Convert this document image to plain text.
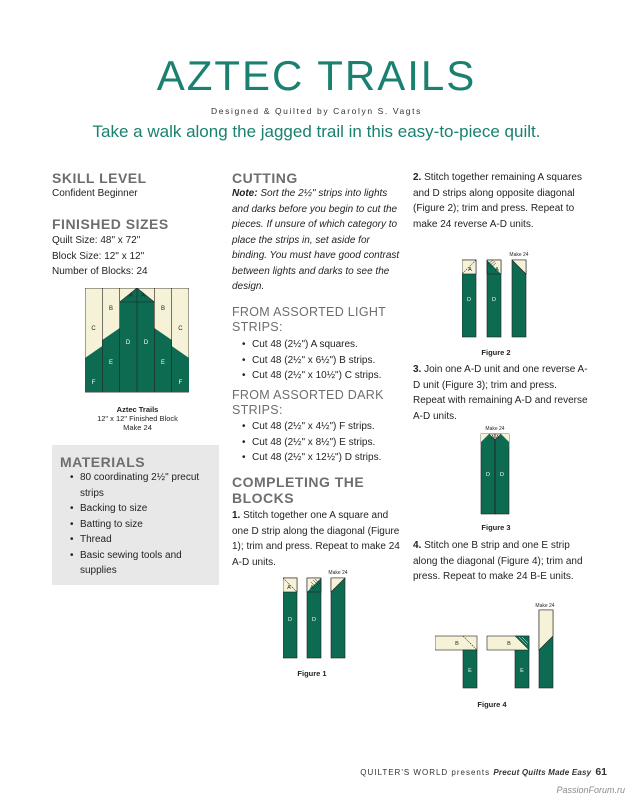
AZTEC TRAILS
Designed & Quilted by Carolyn S. Vagts
Take a walk along the jagged trail in this easy-to-piece quilt.
SKILL LEVEL
Confident Beginner
FINISHED SIZES
Quilt Size: 48" x 72"
Block Size: 12" x 12"
Number of Blocks: 24
C
B
A A
B
C
D D
E	E
F	F
Aztec Trails
12" x 12" Finished Block
Make 24
MATERIALS
• 80 coordinating 2½" precut strips
• Backing to size
• Batting to size
• Thread
• Basic sewing tools and supplies
CUTTING
Note: Sort the 2½" strips into lights and darks before you begin to cut the pieces. If unsure of which category to place the strips in, set aside for binding. You must have good contrast between lights and darks to see the design.
FROM ASSORTED LIGHT STRIPS:
• Cut 48 (2½") A squares.
• Cut 48 (2½" x 6½") B strips.
• Cut 48 (2½" x 10½") C strips.
FROM ASSORTED DARK STRIPS:
• Cut 48 (2½" x 4½") F strips.
• Cut 48 (2½" x 8½") E strips.
• Cut 48 (2½" x 12½") D strips.
COMPLETING THE BLOCKS
1. Stitch together one A square and one D strip along the diagonal (Figure 1); trim and press. Repeat to make 24 A-D units.
Make 24
A	A
D	D
Figure 1
2. Stitch together remaining A squares and D strips along opposite diagonal (Figure 2); trim and press. Repeat to make 24 reverse A-D units.
Make 24
A	A
D	D
Figure 2
3. Join one A-D unit and one reverse A-D unit (Figure 3); trim and press. Repeat with remaining A-D and reverse A-D units.
Make 24
A A
D D
Figure 3
4. Stitch one B strip and one E strip along the diagonal (Figure 4); trim and press. Repeat to make 24 B-E units.
Make 24
B	B
E	E
Figure 4
QUILTER'S WORLD presents Precut Quilts Made Easy 61
PassionForum.ru
